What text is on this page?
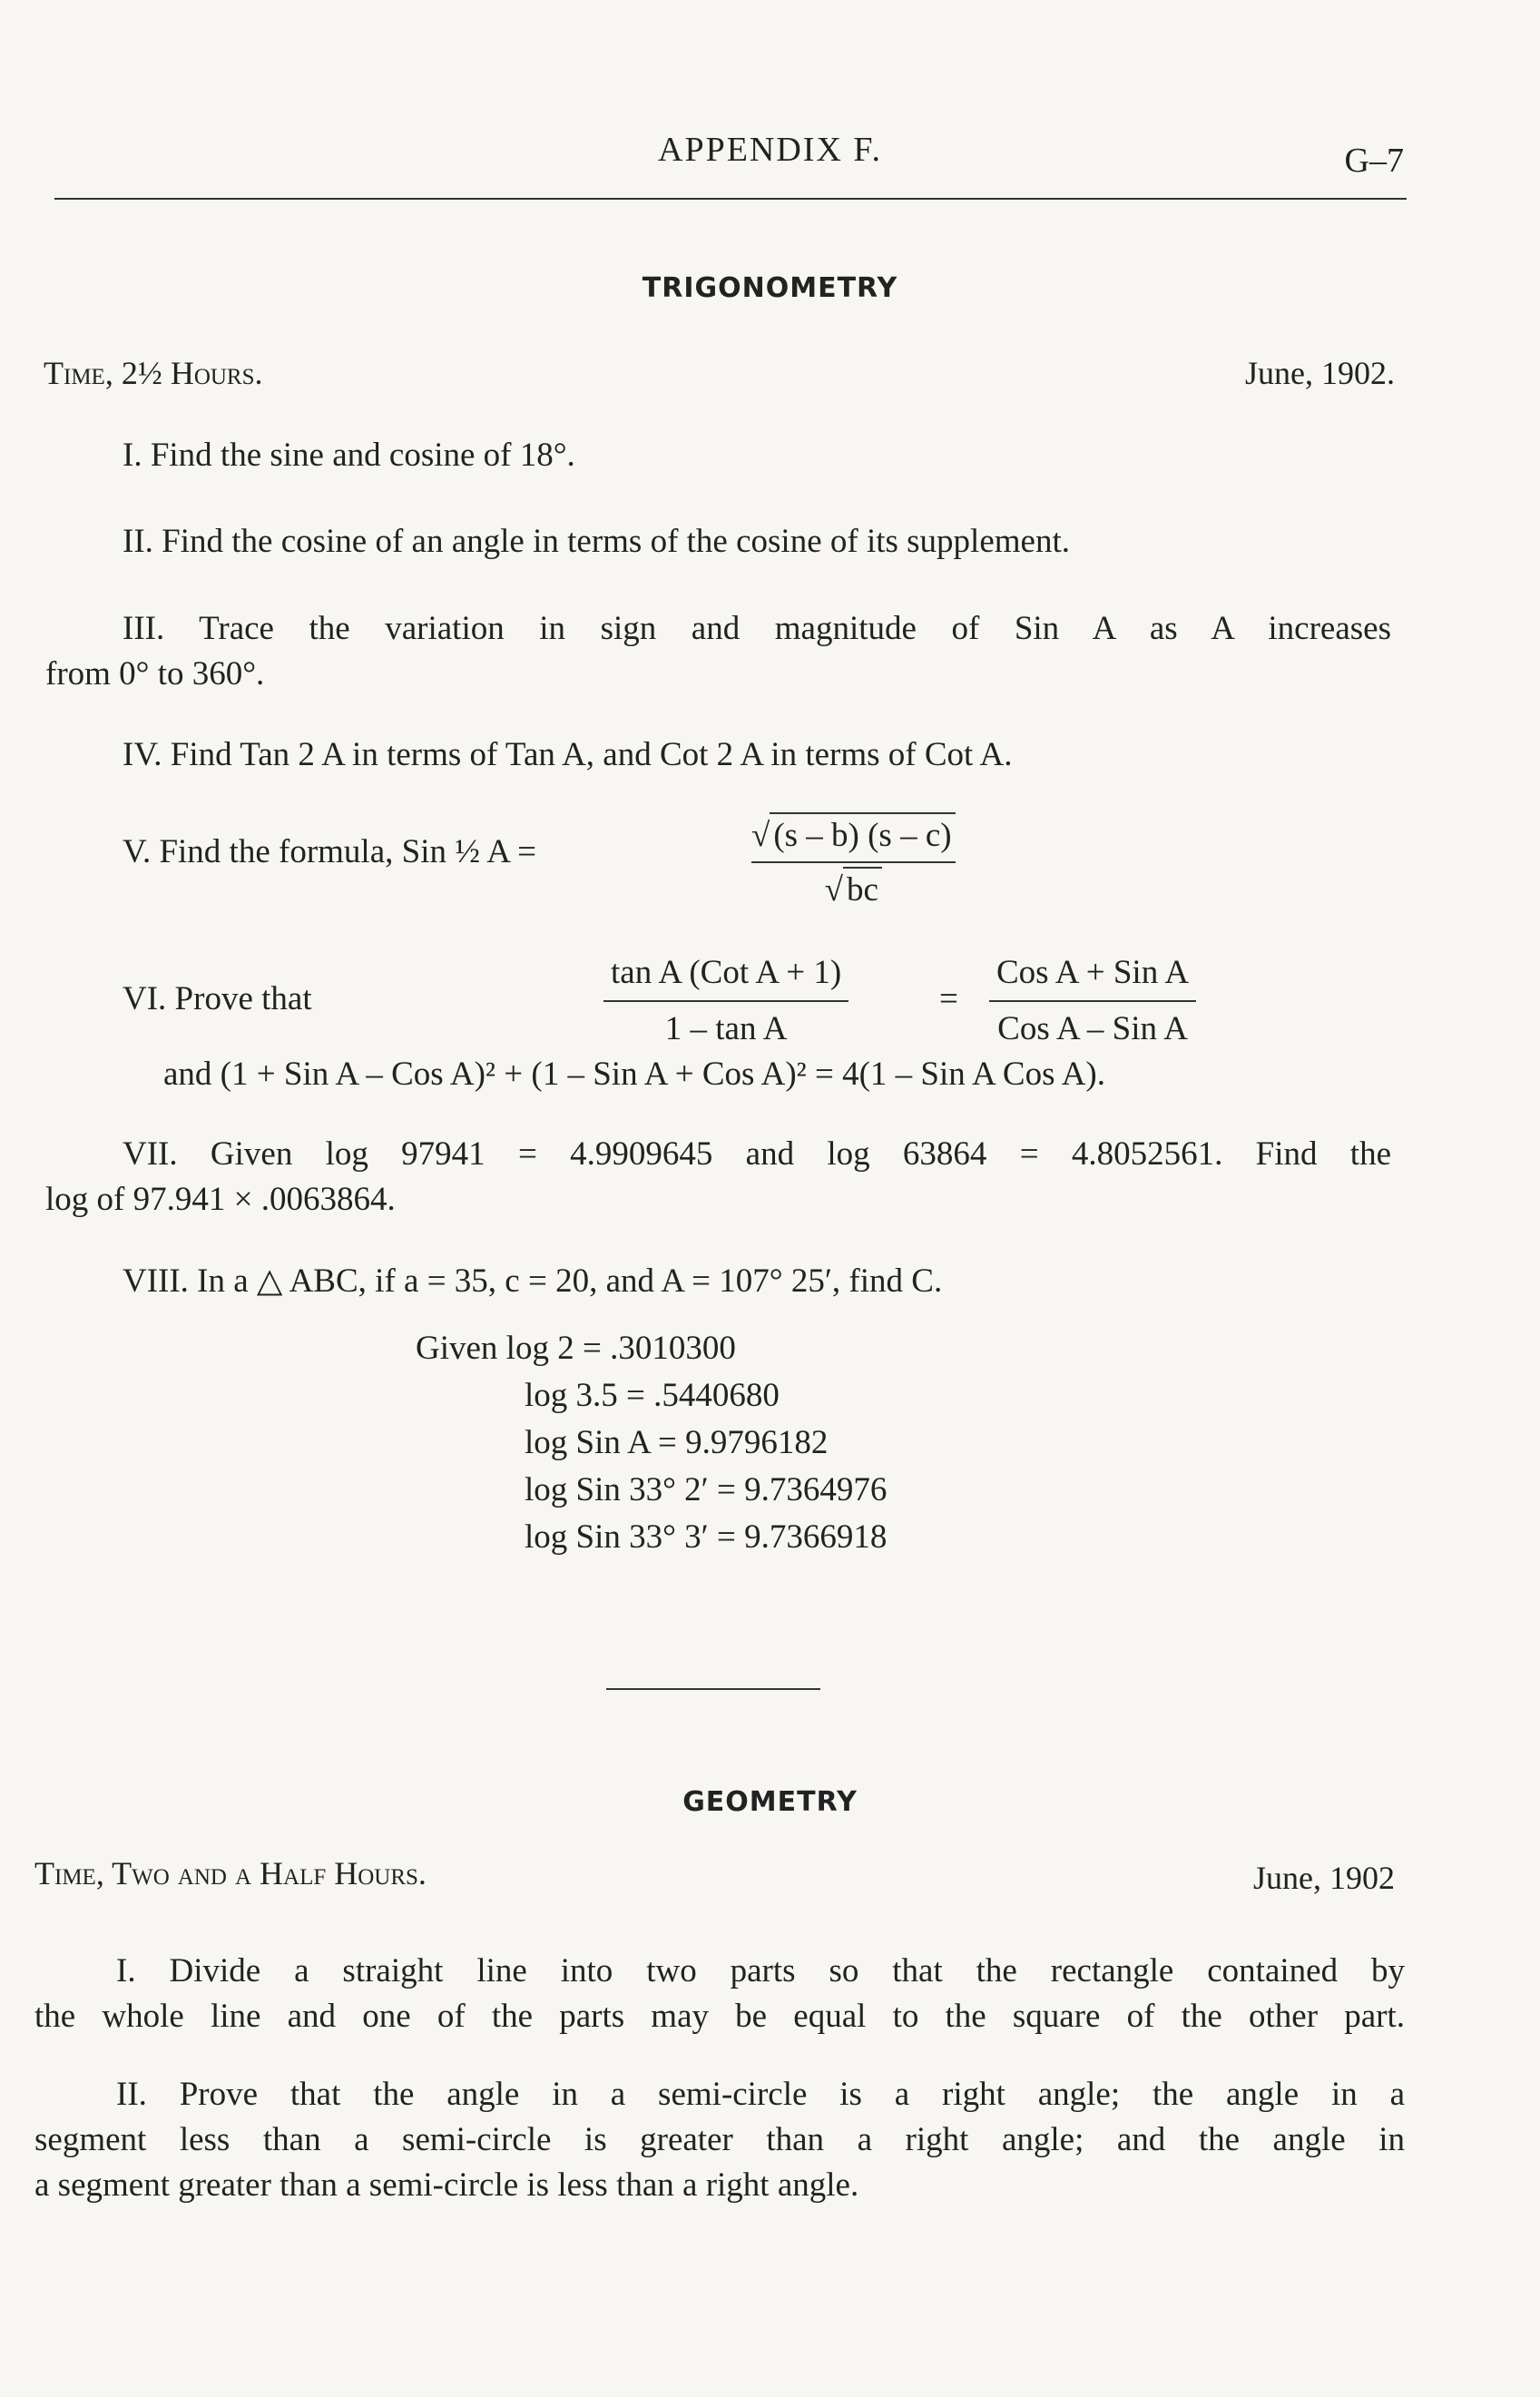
APPENDIX F.	G–7
TRIGONOMETRY
Time, 2½ Hours.	June, 1902.
I. Find the sine and cosine of 18°.
II. Find the cosine of an angle in terms of the cosine of its supplement.
III. Trace the variation in sign and magnitude of Sin A as A increases
from 0° to 360°.
IV. Find Tan 2 A in terms of Tan A, and Cot 2 A in terms of Cot A.
V. Find the formula, Sin ½ A =	√ (s – b) (s – c)
√ bc
VI. Prove that	$\frac{\text{tan A (Cot A + 1)}}{\text{1 – tan A}}$	= $\frac{\text{Cos A + Sin A}}{\text{Cos A – Sin A}}$
and (1 + Sin A – Cos A)² + (1 – Sin A + Cos A)² = 4(1 – Sin A Cos A).
VII. Given log 97941 = 4.9909645 and log 63864 = 4.8052561. Find the
log of 97.941 × .0063864.
VIII. In a △ ABC, if a = 35, c = 20, and A = 107° 25′, find C.
Given log 2 = .3010300
log 3.5 = .5440680
log Sin A = 9.9796182
log Sin 33° 2′ = 9.7364976
log Sin 33° 3′ = 9.7366918
GEOMETRY
Time, Two and a Half Hours.	June, 1902
I. Divide a straight line into two parts so that the rectangle contained by
the whole line and one of the parts may be equal to the square of the other part.
II. Prove that the angle in a semi-circle is a right angle; the angle in a
segment less than a semi-circle is greater than a right angle; and the angle in
a segment greater than a semi-circle is less than a right angle.
